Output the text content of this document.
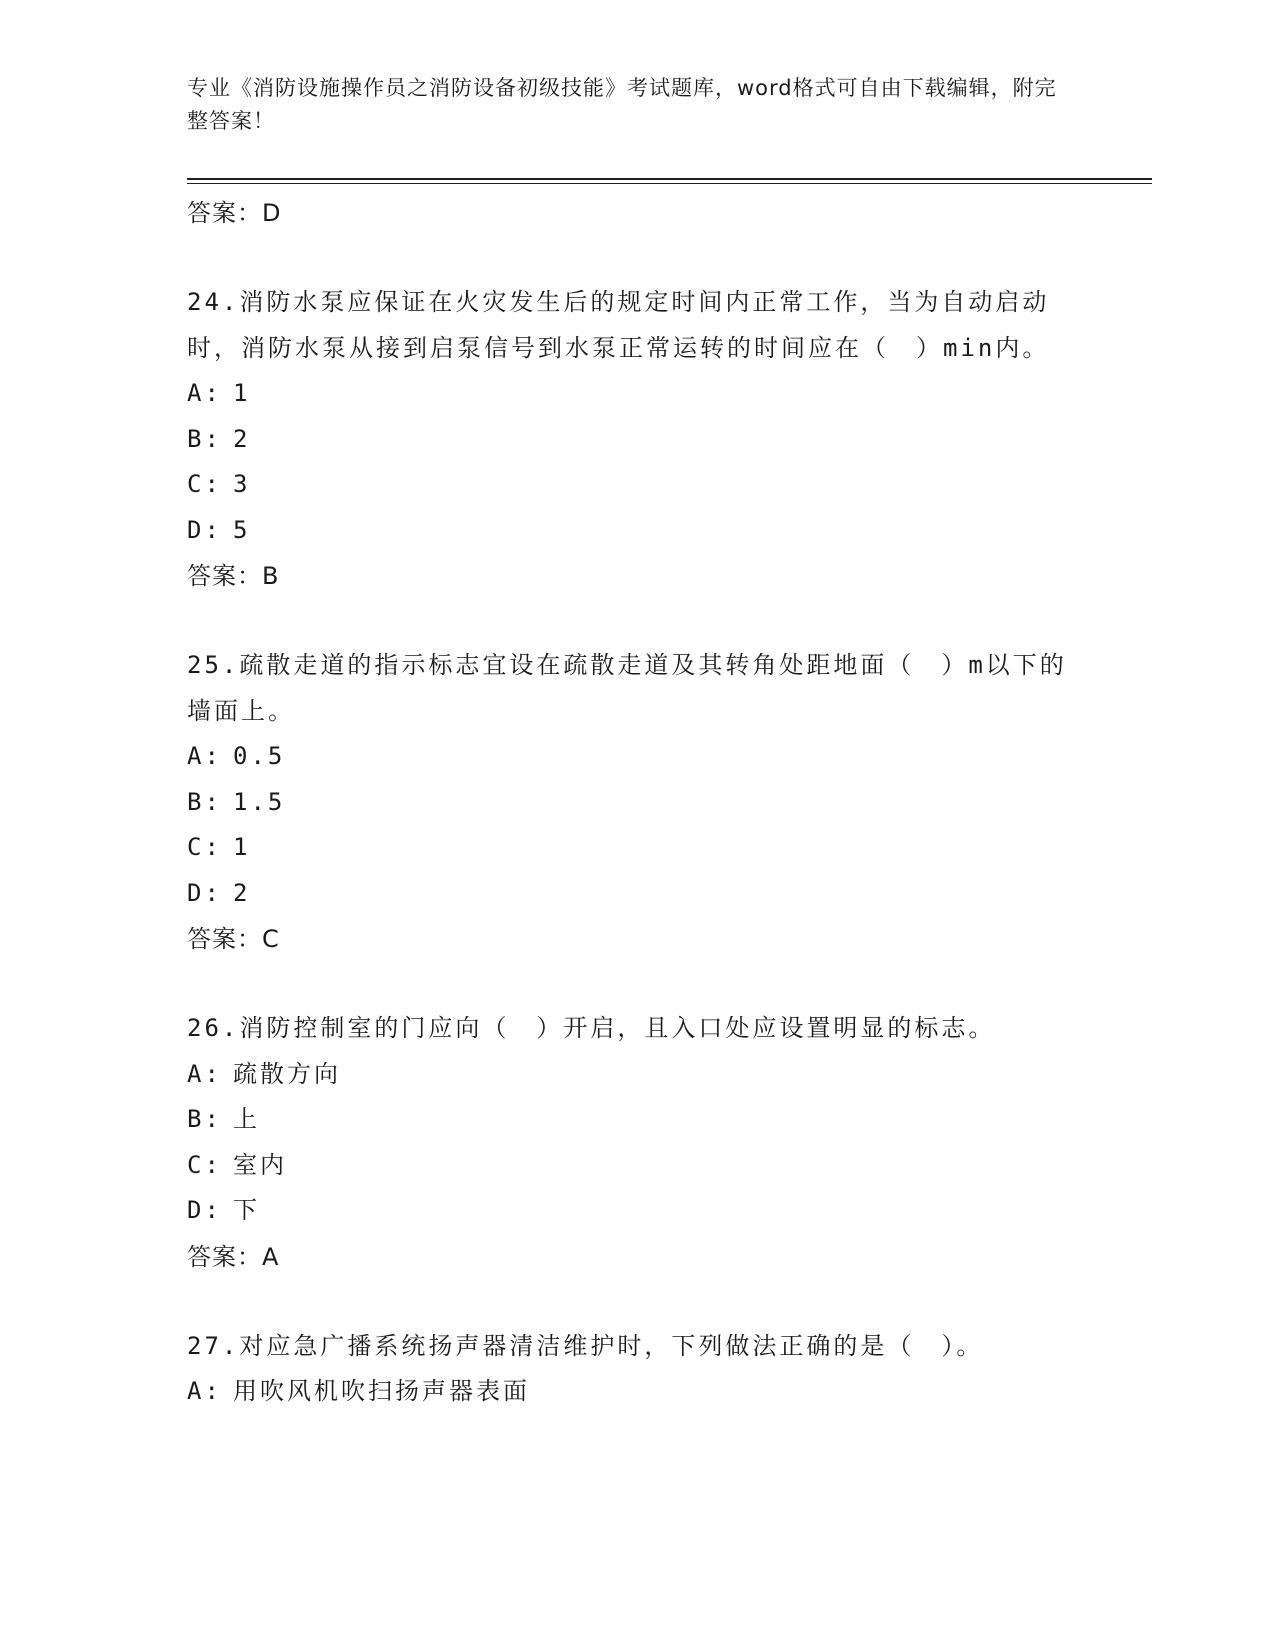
专业《消防设施操作员之消防设备初级技能》考试题库，word格式可自由下载编辑，附完整答案！
答案：D
24.消防水泵应保证在火灾发生后的规定时间内正常工作，当为自动启动时，消防水泵从接到启泵信号到水泵正常运转的时间应在（　）min内。
A: 1
B: 2
C: 3
D: 5
答案：B
25.疏散走道的指示标志宜设在疏散走道及其转角处距地面（　）m以下的墙面上。
A: 0.5
B: 1.5
C: 1
D: 2
答案：C
26.消防控制室的门应向（　）开启，且入口处应设置明显的标志。
A: 疏散方向
B: 上
C: 室内
D: 下
答案：A
27.对应急广播系统扬声器清洁维护时，下列做法正确的是（　）。
A: 用吹风机吹扫扬声器表面
